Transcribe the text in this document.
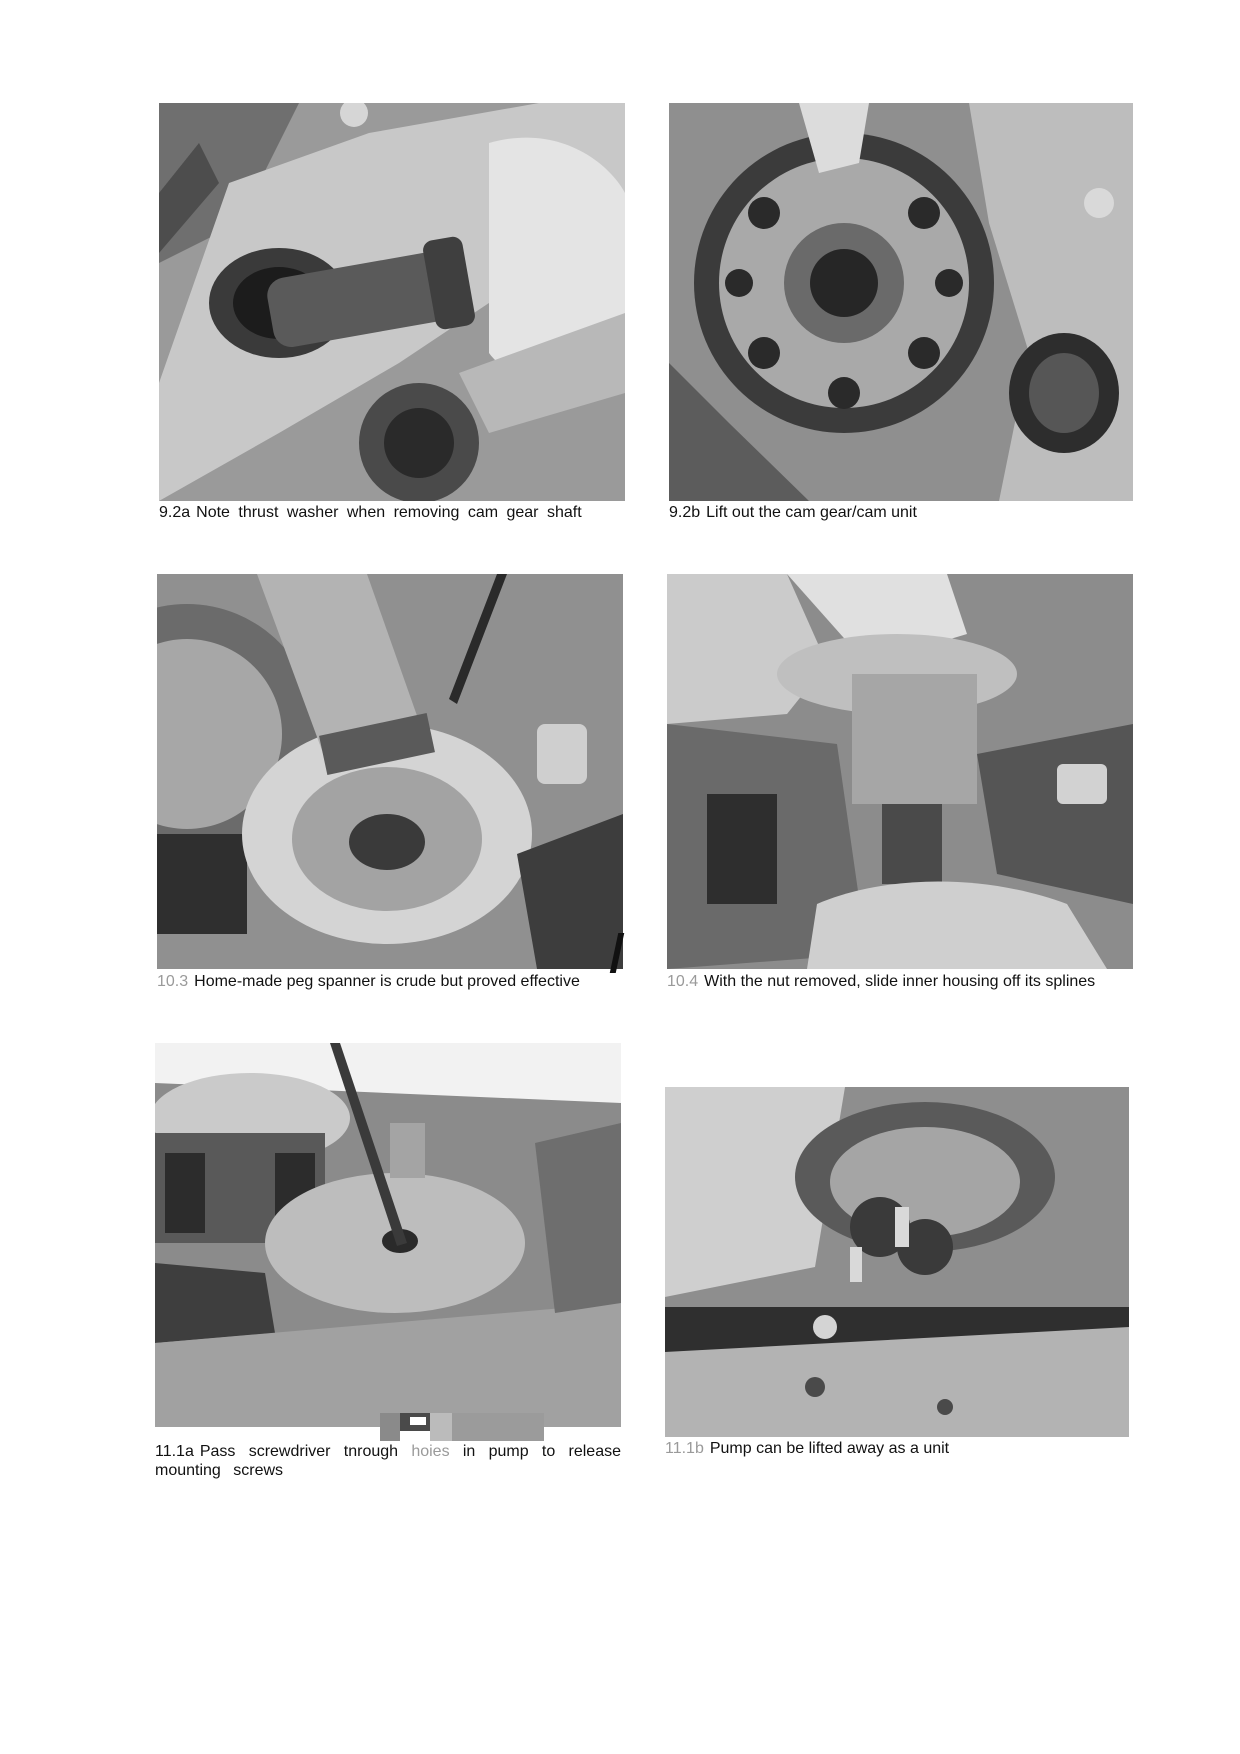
9.2a Note thrust washer when removing cam gear shaft	9.2b Lift out the cam gear/cam unit
10.3 Home-made peg spanner is crude but proved effective	10.4 With the nut removed, slide inner housing off its splines
11.1a Pass screwdriver tnrough hoies in pump to release mounting screws
11.1b Pump can be lifted away as a unit
